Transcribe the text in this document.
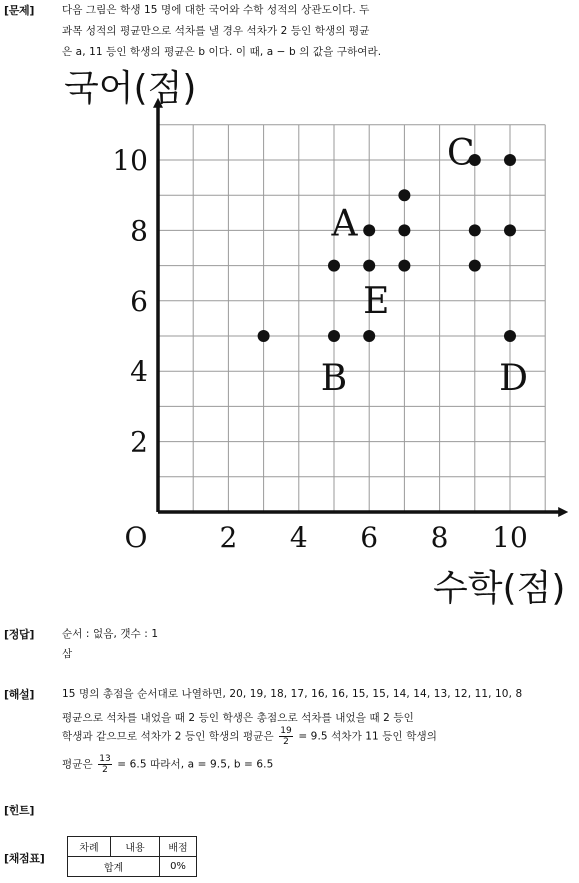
[문제]	다음 그림은 학생 15 명에 대한 국어와 수학 성적의 상관도이다. 두
과목 성적의 평균만으로 석차를 낼 경우 석차가 2 등인 학생의 평균
은 a, 11 등인 학생의 평균은 b 이다. 이 때, a − b 의 값을 구하여라.
국어(점)
수학(점)
O	2 4 6 8 10
2
4
6
8
10
A
B
C
D
E
[정답]	순서 : 없음, 갯수 : 1
삼
[해설]	15 명의 총점을 순서대로 나열하면, 20, 19, 18, 17, 16, 16, 15, 15, 14, 14, 13, 12, 11, 10, 8
평균으로 석차를 내었을 때 2 등인 학생은 총점으로 석차를 내었을 때 2 등인
학생과 같으므로 석차가 2 등인 학생의 평균은 $\frac{19}{2} = 9.5$ 석차가 11 등인 학생의
평균은 $\frac{13}{2} = 6.5$ 따라서, a = 9.5, b = 6.5
[힌트]
[채점표]
차례	내용	배점
합계		0%
